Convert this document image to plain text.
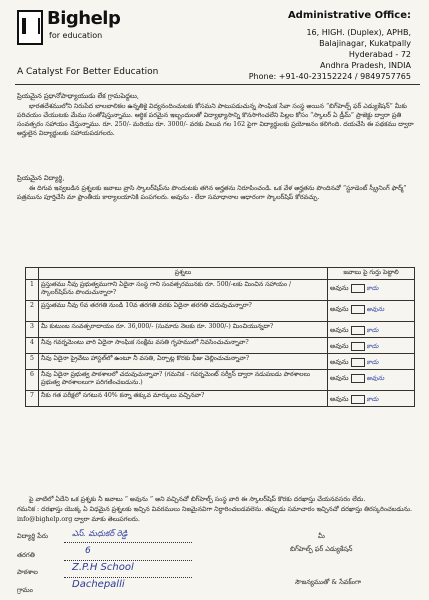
Bighelp
for education
A Catalyst For Better Education
Administrative Office:
16, HIGH. (Duplex), APHB,
Balajinagar, Kukatpally
Hyderabad - 72
Andhra Pradesh, INDIA
Phone: +91-40-23152224 / 9849757765
ప్రియమైన ప్రధానోపాధ్యాయుడు లేక గ్రామపెద్దలు,
భారతదేశములోని నిరుపేద బాలబాలికల ఉన్నతికై విద్యనందించుటకు కోసమని పాటుపడుచున్న సాంఘిక సేవా సంస్థ అయిన “బిగ్‌హెల్ప్ ఫర్ ఎడ్యుకేషన్” మీకు పరిచయం చేయుటకు మేము సంతోషిస్తున్నాము. ఆర్థిక పరమైన ఇబ్బందులతో విద్యాభ్యాసాన్ని కొనసాగించలేని పిల్లల కోసం “స్కాలర్ ఏ డ్రీమ్” ప్రాజెక్టు ద్వారా ప్రతి సంవత్సరం సహాయం చేస్తున్నాము. రూ. 250/- మరియు రూ. 3000/- వరకు విలువ గల 162 పైగా విద్యార్థులకు ప్రయోజనం కలిగింది. దయచేసి ఈ పథకము ద్వారా అర్హులైన విద్యార్థులకు సహాయపడగలరు.
ప్రియమైన విద్యార్థి,
ఈ దిగువ ఇవ్వబడిన ప్రశ్నలకు జవాబు వ్రాసి స్కాలర్‌షిప్‌ను పొందుటకు తగిన అర్హతను నిరూపించండి. ఒక వేళ అర్హతను పొందినచో “స్టూడెంట్ స్క్రీనింగ్ ఫార్మ్” పత్రమును పూర్తిచేసి మా ఫ్రాంతీయ కార్యాలయానికి పంపగలరు. అవును - లేదా సమాధానాల ఆధారంగా స్కాలర్‌షిప్ కోరవచ్చు.
	ప్రశ్నలు	జవాబు పై గుర్తు పెట్టాలి
1	ప్రస్తుతము నీవు ప్రభుత్వముగాని ఏదైనా సంస్థ గాని సంవత్సరమునకు రూ. 500/-లకు మించిన సహాయం / స్కాలర్‌షిప్‌ను పొందుచున్నారా?	అవును కాదు
2	ప్రస్తుతము నీవు 6వ తరగతి నుండి 10వ తరగతి వరకు ఏదైనా తరగతి చదువుచున్నారా?	అవును అవును
3	మీ కుటుంబ సంవత్సరాదాయం రూ. 36,000/- (సుమారు నెలకు రూ. 3000/-) మించియున్నదా?	అవును కాదు
4	నీవు గవర్నమెంటు వారి ఏదైనా సాంఘిక సంక్షేమ వసతి గృహములో నివసించుచున్నావా?	అవును కాదు
5	నీవు ఏదైనా ప్రైవేటు హాస్టల్‌లో ఉంటూ నీ వసతి, ఏర్పాట్ల కొరకు ఫీజు చెల్లించుచున్నావా?	అవును కాదు
6	నీవు ఏదైనా ప్రభుత్వ పాఠశాలలో చదువుచున్నావా? (గమనిక - గవర్నమెంట్ సర్వీస్ ద్వారా నడుపబడు పాఠశాలలు ప్రభుత్వ పాఠశాలలుగా పరిగణించబడును.)	అవును అవును
7	నీకు గత పరీక్షలో సగటున 40% కన్నా తక్కువ మార్కులు వచ్చినవా?	అవును కాదు
పై వాటిలో ఏదేని ఒక ప్రశ్నకు నీ జవాబు “ అవును ” అని వచ్చినచో బిగ్‌హెల్ప్ సంస్థ వారి ఈ స్కాలర్‌షిప్ కొరకు దరఖాస్తు చేయనవసరం లేదు.
గమనిక : దరఖాస్తు యొక్క ఏ విధమైన ప్రశ్నలకు ఇచ్చిన వివరములు నిజమైనవిగా నిర్ధారించబడవలెను. తప్పుడు సమాచారం ఇచ్చినచో దరఖాస్తు తిరస్కరించబడును.
info@bighelp.org ద్వారా మాకు తెలుపగలరు.
విద్యార్థి పేరు	ఎస్. మధుకర్ రెడ్డి
తరగతి	6
పాఠశాల	Z.P.H School
గ్రామం	Dachepalli
మీ
బిగ్‌హెల్ప్ ఫర్ ఎడ్యుకేషన్
సౌజన్యముతో & సేవక్‌ంగా
